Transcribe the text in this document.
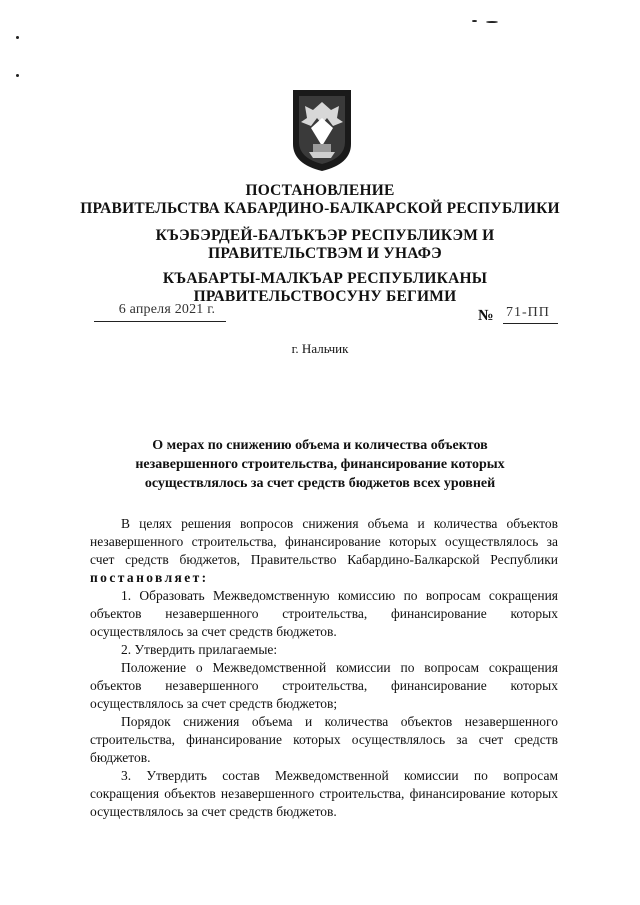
ПОСТАНОВЛЕНИЕ
ПРАВИТЕЛЬСТВА КАБАРДИНО-БАЛКАРСКОЙ РЕСПУБЛИКИ
КЪЭБЭРДЕЙ-БАЛЪКЪЭР РЕСПУБЛИКЭМ И ПРАВИТЕЛЬСТВЭМ И УНАФЭ
КЪАБАРТЫ-МАЛКЪАР РЕСПУБЛИКАНЫ ПРАВИТЕЛЬСТВОСУНУ БЕГИМИ
6 апреля 2021 г.	№ 71-ПП
г. Нальчик
О мерах по снижению объема и количества объектов незавершенного строительства, финансирование которых осуществлялось за счет средств бюджетов всех уровней

В целях решения вопросов снижения объема и количества объектов незавершенного строительства, финансирование которых осуществлялось за счет средств бюджетов, Правительство Кабардино-Балкарской Республики постановляет:

1. Образовать Межведомственную комиссию по вопросам сокращения объектов незавершенного строительства, финансирование которых осуществлялось за счет средств бюджетов.

2. Утвердить прилагаемые:

Положение о Межведомственной комиссии по вопросам сокращения объектов незавершенного строительства, финансирование которых осуществлялось за счет средств бюджетов;

Порядок снижения объема и количества объектов незавершенного строительства, финансирование которых осуществлялось за счет средств бюджетов.

3. Утвердить состав Межведомственной комиссии по вопросам сокращения объектов незавершенного строительства, финансирование которых осуществлялось за счет средств бюджетов.
